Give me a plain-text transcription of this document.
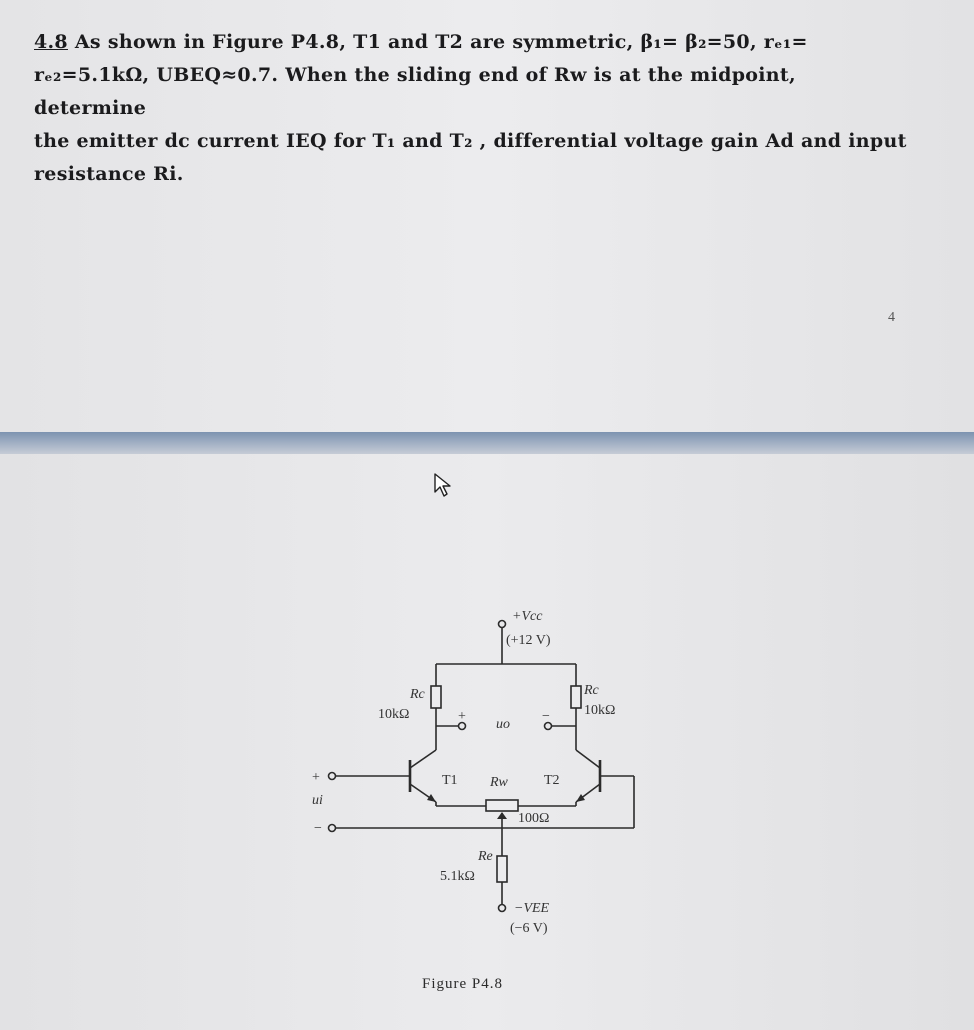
4.8 As shown in Figure P4.8, T1 and T2 are symmetric, β₁= β₂=50, rₑ₁=
rₑ₂=5.1kΩ, UBEQ≈0.7. When the sliding end of Rw is at the midpoint, determine
the emitter dc current IEQ for T₁ and T₂ , differential voltage gain Ad and input
resistance Ri.
4
+Vcc
(+12 V)
Rc
10kΩ
Rc
10kΩ
uo
+	−
T1	T2
Rw
100Ω
+
ui
−
Re
5.1kΩ
−VEE
(−6 V)
Figure P4.8
